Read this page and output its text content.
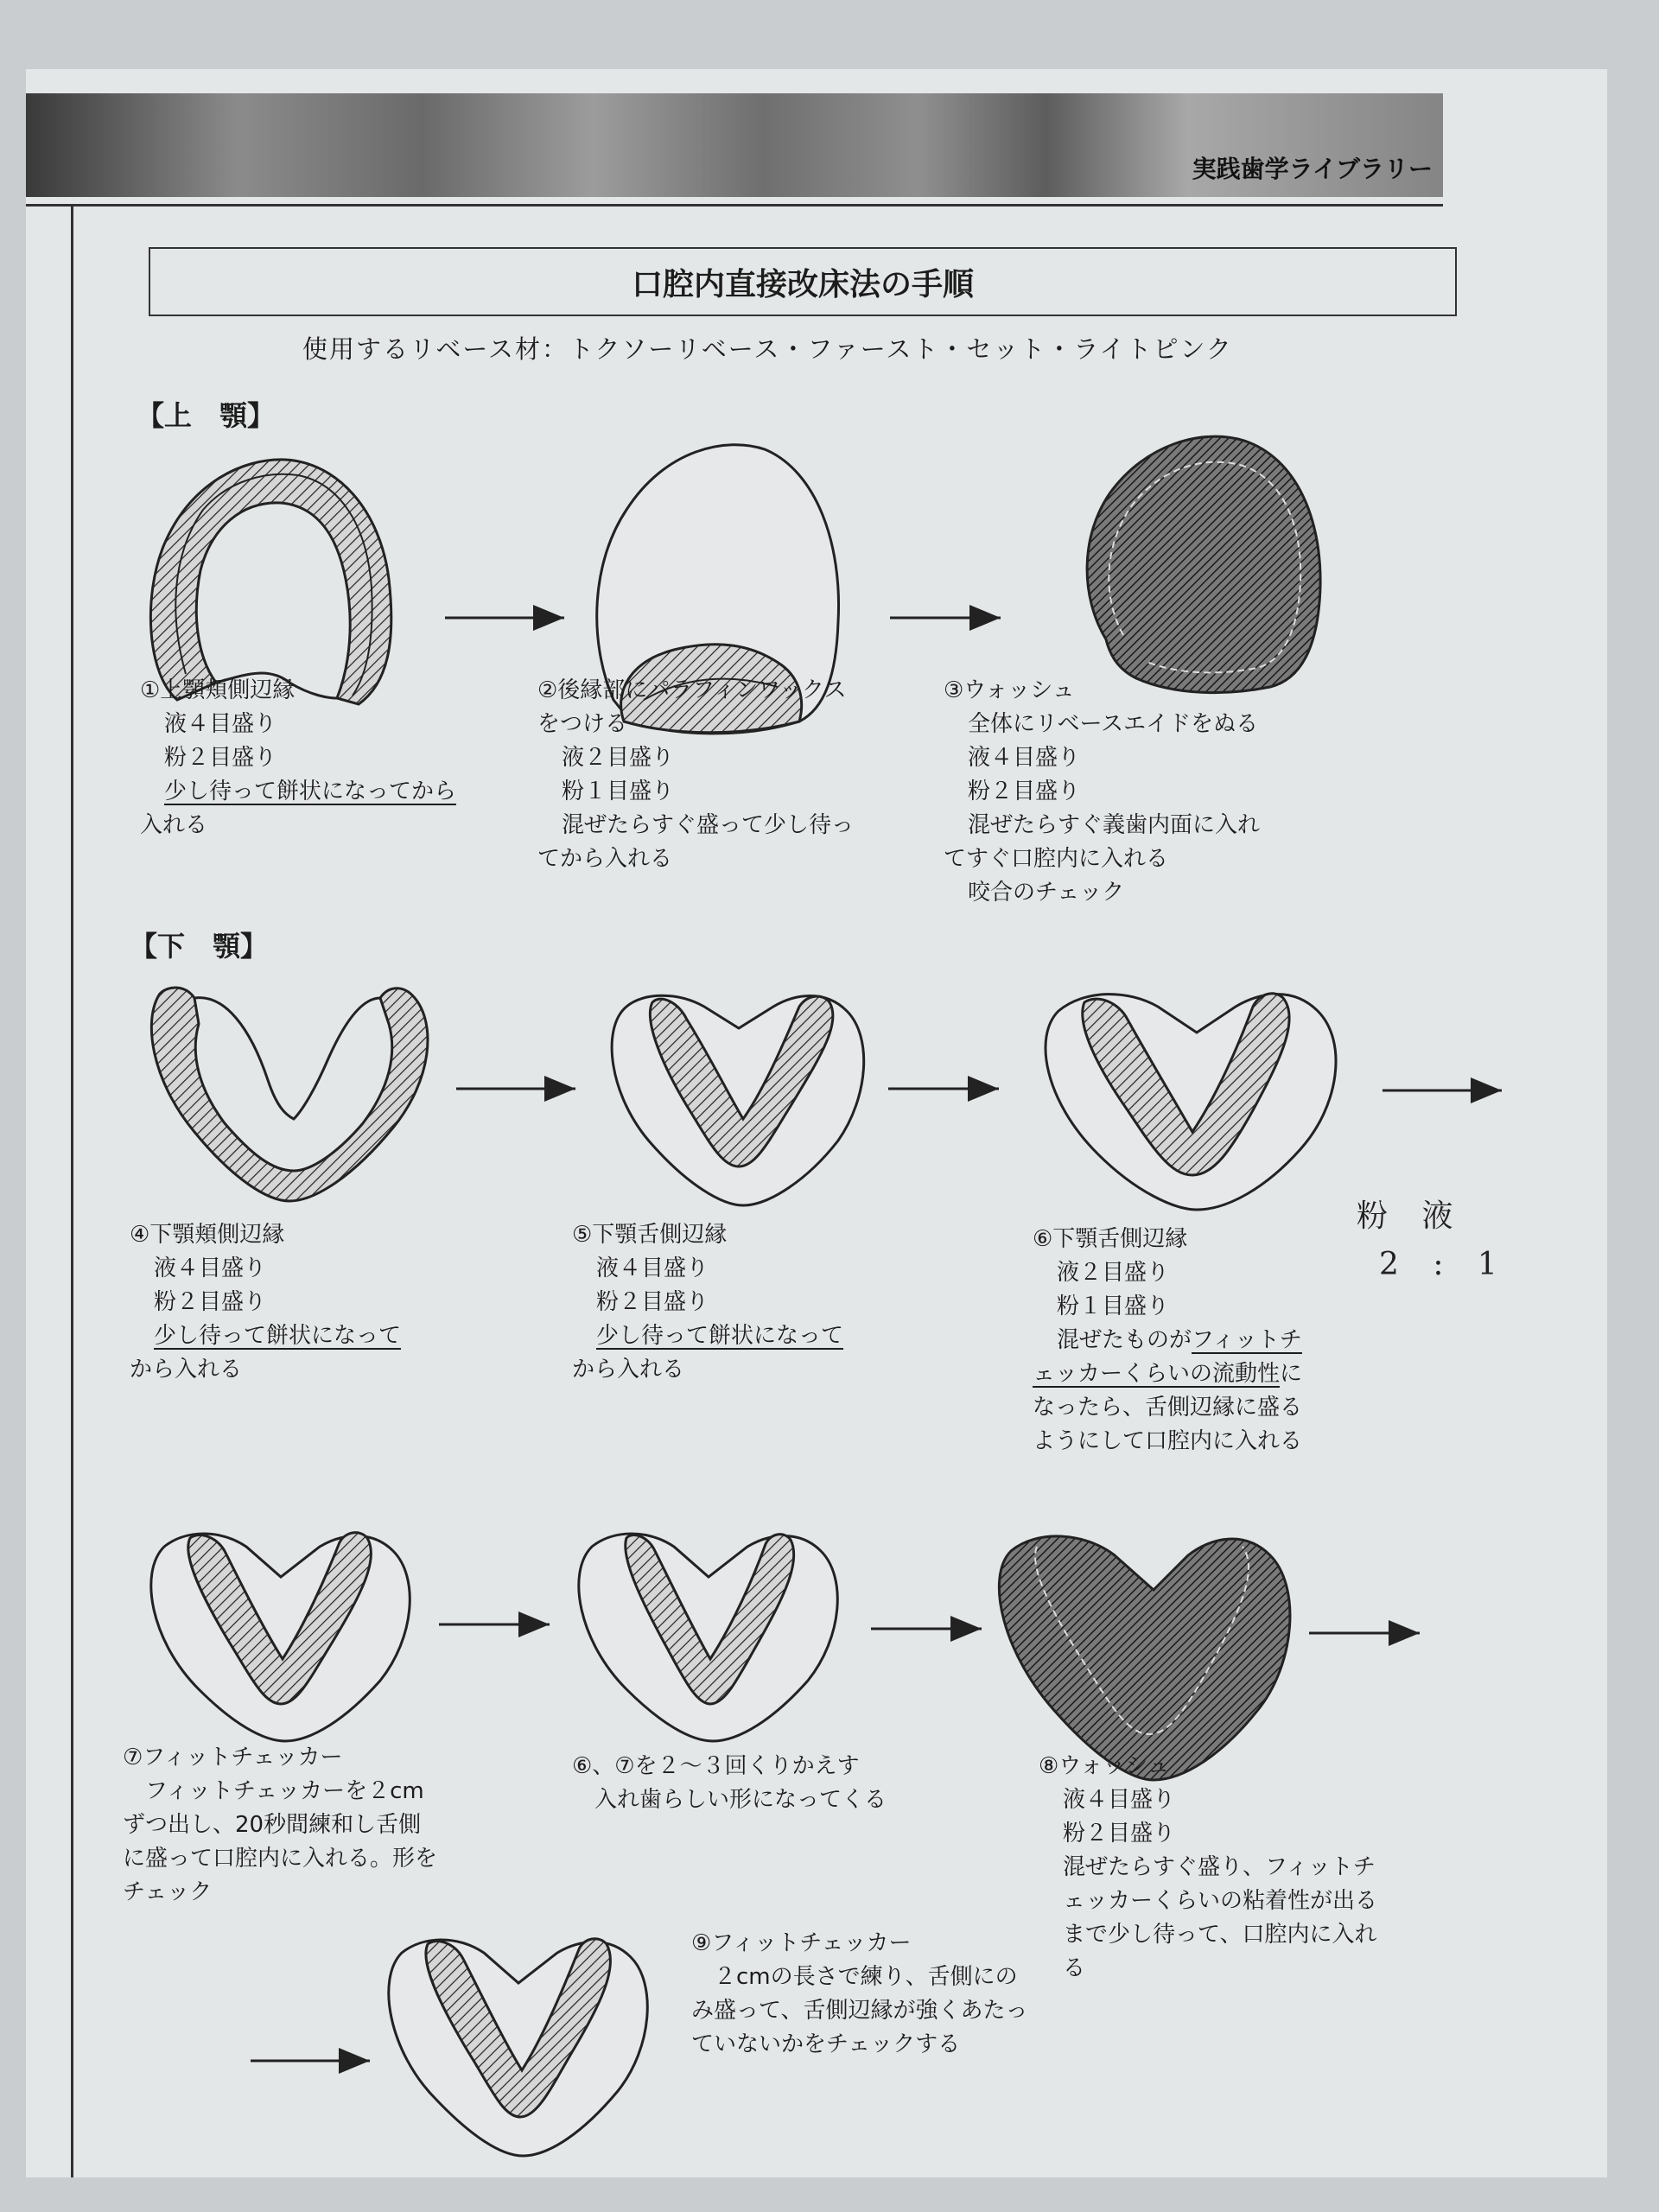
実践歯学ライブラリー
口腔内直接改床法の手順
使用するリベース材：トクソーリベース・ファースト・セット・ライトピンク
【上　顎】
①上顎頬側辺縁
液４目盛り
粉２目盛り
少し待って餅状になってから
入れる
②後縁部にパラフィンワックス
をつける
液２目盛り
粉１目盛り
混ぜたらすぐ盛って少し待っ
てから入れる
③ウォッシュ
全体にリベースエイドをぬる
液４目盛り
粉２目盛り
混ぜたらすぐ義歯内面に入れ
てすぐ口腔内に入れる
咬合のチェック
【下　顎】
④下顎頬側辺縁
液４目盛り
粉２目盛り
少し待って餅状になって
から入れる
⑤下顎舌側辺縁
液４目盛り
粉２目盛り
少し待って餅状になって
から入れる
⑥下顎舌側辺縁
液２目盛り
粉１目盛り
混ぜたものがフィットチ
ェッカーくらいの流動性に
なったら、舌側辺縁に盛る
ようにして口腔内に入れる
粉 液
2 : 1
⑦フィットチェッカー
　フィットチェッカーを２cmずつ出し、20秒間練和し舌側に盛って口腔内に入れる。形をチェック
⑥、⑦を２〜３回くりかえす
　入れ歯らしい形になってくる
⑧ウォッシュ
液４目盛り
粉２目盛り
混ぜたらすぐ盛り、フィットチェッカーくらいの粘着性が出るまで少し待って、口腔内に入れる
⑨フィットチェッカー
　２cmの長さで練り、舌側にのみ盛って、舌側辺縁が強くあたっていないかをチェックする
